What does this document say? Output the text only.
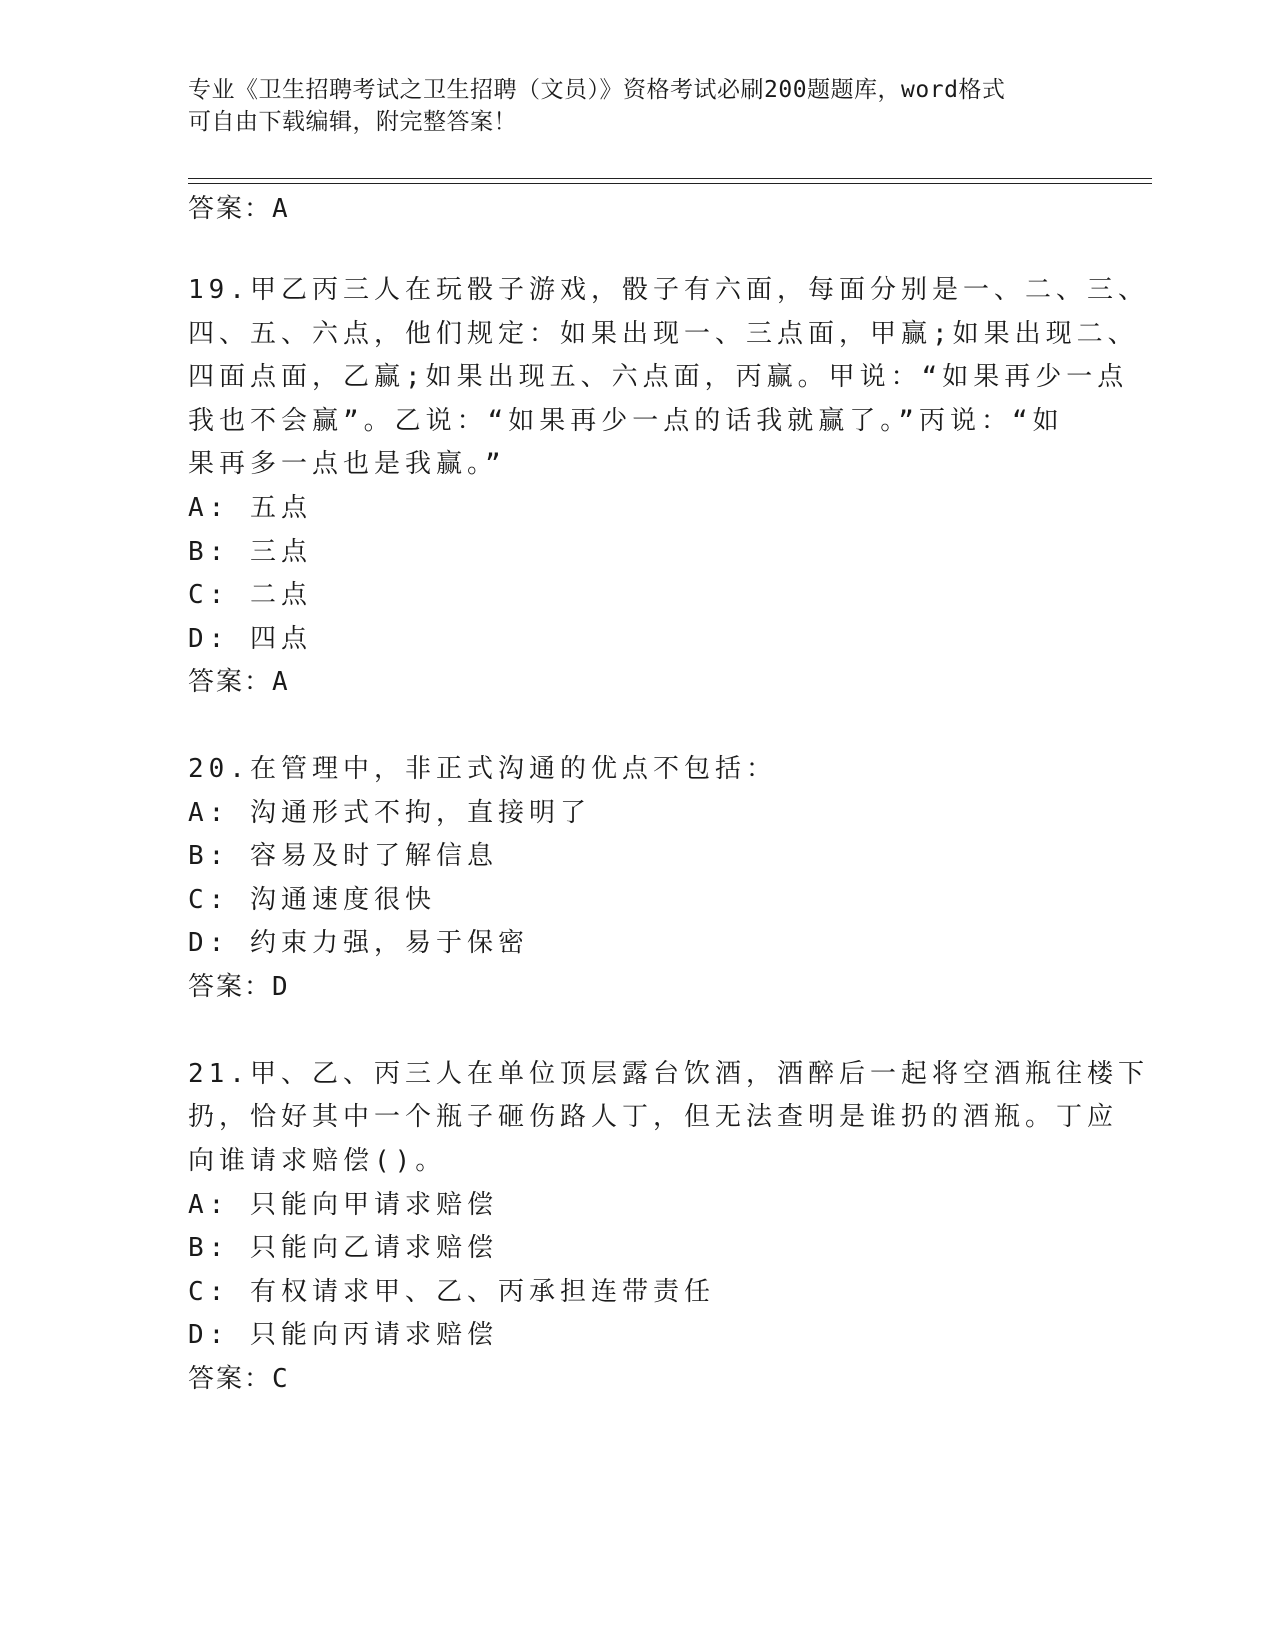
专业《卫生招聘考试之卫生招聘（文员）》资格考试必刷200题题库，word格式
可自由下载编辑，附完整答案！
答案：A
19.甲乙丙三人在玩骰子游戏，骰子有六面，每面分别是一、二、三、
四、五、六点，他们规定：如果出现一、三点面，甲赢;如果出现二、
四面点面，乙赢;如果出现五、六点面，丙赢。甲说：“如果再少一点
我也不会赢”。乙说：“如果再少一点的话我就赢了。”丙说：“如
果再多一点也是我赢。”
A: 五点
B: 三点
C: 二点
D: 四点
答案：A
20.在管理中，非正式沟通的优点不包括：
A: 沟通形式不拘，直接明了
B: 容易及时了解信息
C: 沟通速度很快
D: 约束力强，易于保密
答案：D
21.甲、乙、丙三人在单位顶层露台饮酒，酒醉后一起将空酒瓶往楼下
扔，恰好其中一个瓶子砸伤路人丁，但无法查明是谁扔的酒瓶。丁应
向谁请求赔偿()。
A: 只能向甲请求赔偿
B: 只能向乙请求赔偿
C: 有权请求甲、乙、丙承担连带责任
D: 只能向丙请求赔偿
答案：C
